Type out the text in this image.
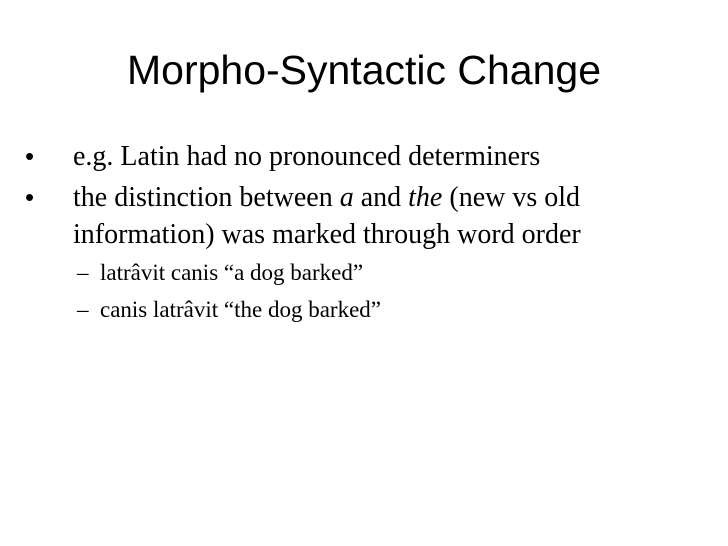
Morpho-Syntactic Change
• e.g. Latin had no pronounced determiners
• the distinction between a and the (new vs old information) was marked through word order
– latrâvit canis “a dog barked”
– canis latrâvit “the dog barked”
